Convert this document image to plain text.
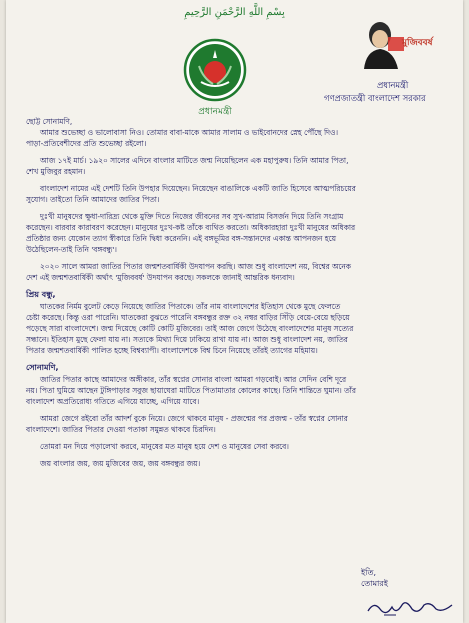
بِسْمِ اللَّهِ الرَّحْمَنِ الرَّحِيمِ
প্রধানমন্ত্রী
মুজিববর্ষ
প্রধানমন্ত্রী
গণপ্রজাতন্ত্রী বাংলাদেশ সরকার
ছোট্ট সোনামণি,
আমার শুভেচ্ছা ও ভালোবাসা নিও। তোমার বাবা-মাকে আমার সালাম ও ভাইবোনদের স্নেহ পৌঁছে দিও।
পাড়া-প্রতিবেশীদের প্রতি শুভেচ্ছা রইলো।
আজ ১৭ই মার্চ। ১৯২০ সালের এদিনে বাংলার মাটিতে জন্ম নিয়েছিলেন এক মহাপুরুষ। তিনি আমার পিতা,
শেখ মুজিবুর রহমান।
বাংলাদেশ নামের এই দেশটি তিনি উপহার দিয়েছেন। নিয়েছেন বাঙালিকে একটি জাতি হিসেবে আত্মপরিচয়ের
সুযোগ। তাইতো তিনি আমাদের জাতির পিতা।
দুঃখী মানুষদের ক্ষুধা-দারিদ্র্য থেকে মুক্তি দিতে নিজের জীবনের সব সুখ-আরাম বিসর্জন দিয়ে তিনি সংগ্রাম
করেছেন। বারবার কারাবরণ করেছেন। মানুষের দুঃখ-কষ্ট তাঁকে ব্যথিত করতো। অধিকারহারা দুঃখী মানুষের অধিকার
প্রতিষ্ঠার জন্য যেকোন ত্যাগ স্বীকারে তিনি দ্বিধা করেননি। এই বঙ্গভূমির বঙ্গ-সন্তানদের একান্ত আপনজন হয়ে
উঠেছিলেন-তাই তিনি 'বঙ্গবন্ধু'।
২০২০ সালে আমরা জাতির পিতার জন্মশতবার্ষিকী উদযাপন করছি। আজ শুধু বাংলাদেশ নয়, বিশ্বের অনেক
দেশ এই জন্মশতবার্ষিকী অর্থাৎ 'মুজিববর্ষ' উদযাপন করছে। সকলকে জানাই আন্তরিক ধন্যবাদ।
প্রিয় বন্ধু,
ঘাতকের নির্মম বুলেট কেড়ে নিয়েছে জাতির পিতাকে। তাঁর নাম বাংলাদেশের ইতিহাস থেকে মুছে ফেলতে
চেষ্টা করেছে। কিন্তু ওরা পারেনি। ঘাতকেরা বুঝতে পারেনি বঙ্গবন্ধুর রক্ত ৩২ নম্বর বাড়ির সিঁড়ি বেয়ে-বেয়ে ছড়িয়ে
পড়েছে সারা বাংলাদেশে। জন্ম দিয়েছে কোটি কোটি মুজিবের। তাই আজ জেগে উঠেছে বাংলাদেশের মানুষ সত্যের
সন্ধানে। ইতিহাস মুছে ফেলা যায় না। সত্যকে মিথ্যা দিয়ে ঢাকিয়ে রাখা যায় না। আজ শুধু বাংলাদেশ নয়, জাতির
পিতার জন্মশতবার্ষিকী পালিত হচ্ছে বিশ্বব্যাপী। বাংলাদেশকে বিশ্ব চিনে নিয়েছে তাঁরই ত্যাগের মহিমায়।
সোনামণি,
জাতির পিতার কাছে আমাদের অঙ্গীকার, তাঁর স্বপ্নের সোনার বাংলা আমরা গড়বোই। আর সেদিন বেশি দূরে
নয়। পিতা ঘুমিয়ে আছেন টুঙ্গিপাড়ার সবুজ ছায়াঘেরা মাটিতে পিতামাতার কোলের কাছে। তিনি শান্তিতে ঘুমান। তাঁর
বাংলাদেশ অপ্রতিরোধ্য গতিতে এগিয়ে যাচ্ছে, এগিয়ে যাবে।
আমরা জেগে রইবো তাঁর আদর্শ বুকে নিয়ে। জেগে থাকবে মানুষ - প্রজন্মের পর প্রজন্ম - তাঁর স্বপ্নের সোনার
বাংলাদেশে। জাতির পিতার দেওয়া পতাকা সমুন্নত থাকবে চিরদিন।
তোমরা মন দিয়ে পড়ালেখা করবে, মানুষের মত মানুষ হয়ে দেশ ও মানুষের সেবা করবে।
জয় বাংলার জয়, জয় মুজিবের জয়, জয় বঙ্গবন্ধুর জয়।
ইতি,
তোমারই
